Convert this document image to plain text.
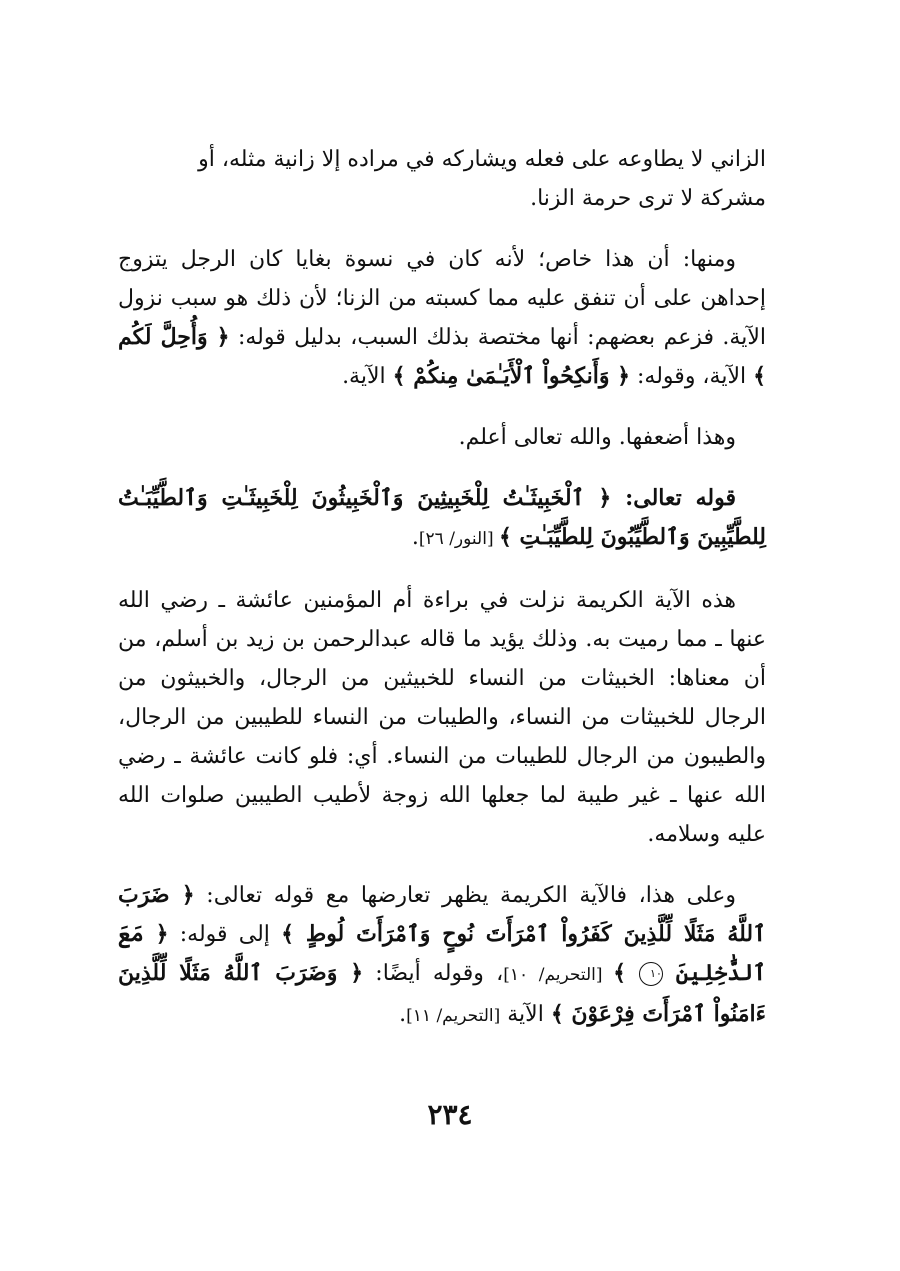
الزاني لا يطاوعه على فعله ويشاركه في مراده إلا زانية مثله، أو
مشركة لا ترى حرمة الزنا.

ومنها: أن هذا خاص؛ لأنه كان في نسوة بغايا كان الرجل يتزوج إحداهن على أن تنفق عليه مما كسبته من الزنا؛ لأن ذلك هو سبب نزول الآية. فزعم بعضهم: أنها مختصة بذلك السبب، بدليل قوله: ﴿ وَأُحِلَّ لَكُم ﴾ الآية، وقوله: ﴿ وَأَنكِحُواْ ٱلْأَيَـٰمَىٰ مِنكُمْ ﴾ الآية.

وهذا أضعفها. والله تعالى أعلم.

قوله تعالى: ﴿ ٱلْخَبِيثَـٰتُ لِلْخَبِيثِينَ وَٱلْخَبِيثُونَ لِلْخَبِيثَـٰتِ وَٱلطَّيِّبَـٰتُ لِلطَّيِّبِينَ وَٱلطَّيِّبُونَ لِلطَّيِّبَـٰتِ ﴾ [النور/ ٢٦].

هذه الآية الكريمة نزلت في براءة أم المؤمنين عائشة ـ رضي الله عنها ـ مما رميت به. وذلك يؤيد ما قاله عبدالرحمن بن زيد بن أسلم، من أن معناها: الخبيثات من النساء للخبيثين من الرجال، والخبيثون من الرجال للخبيثات من النساء، والطيبات من النساء للطيبين من الرجال، والطيبون من الرجال للطيبات من النساء. أي: فلو كانت عائشة ـ رضي الله عنها ـ غير طيبة لما جعلها الله زوجة لأطيب الطيبين صلوات الله عليه وسلامه.

وعلى هذا، فالآية الكريمة يظهر تعارضها مع قوله تعالى: ﴿ ضَرَبَ ٱللَّهُ مَثَلًا لِّلَّذِينَ كَفَرُواْ ٱمْرَأَتَ نُوحٍ وَٱمْرَأَتَ لُوطٍ ﴾ إلى قوله: ﴿ مَعَ ٱلدَّٰخِلِينَ ١٠ ﴾ [التحريم/ ١٠]، وقوله أيضًا: ﴿ وَضَرَبَ ٱللَّهُ مَثَلًا لِّلَّذِينَ ءَامَنُواْ ٱمْرَأَتَ فِرْعَوْنَ ﴾ الآية [التحريم/ ١١].

٢٣٤
